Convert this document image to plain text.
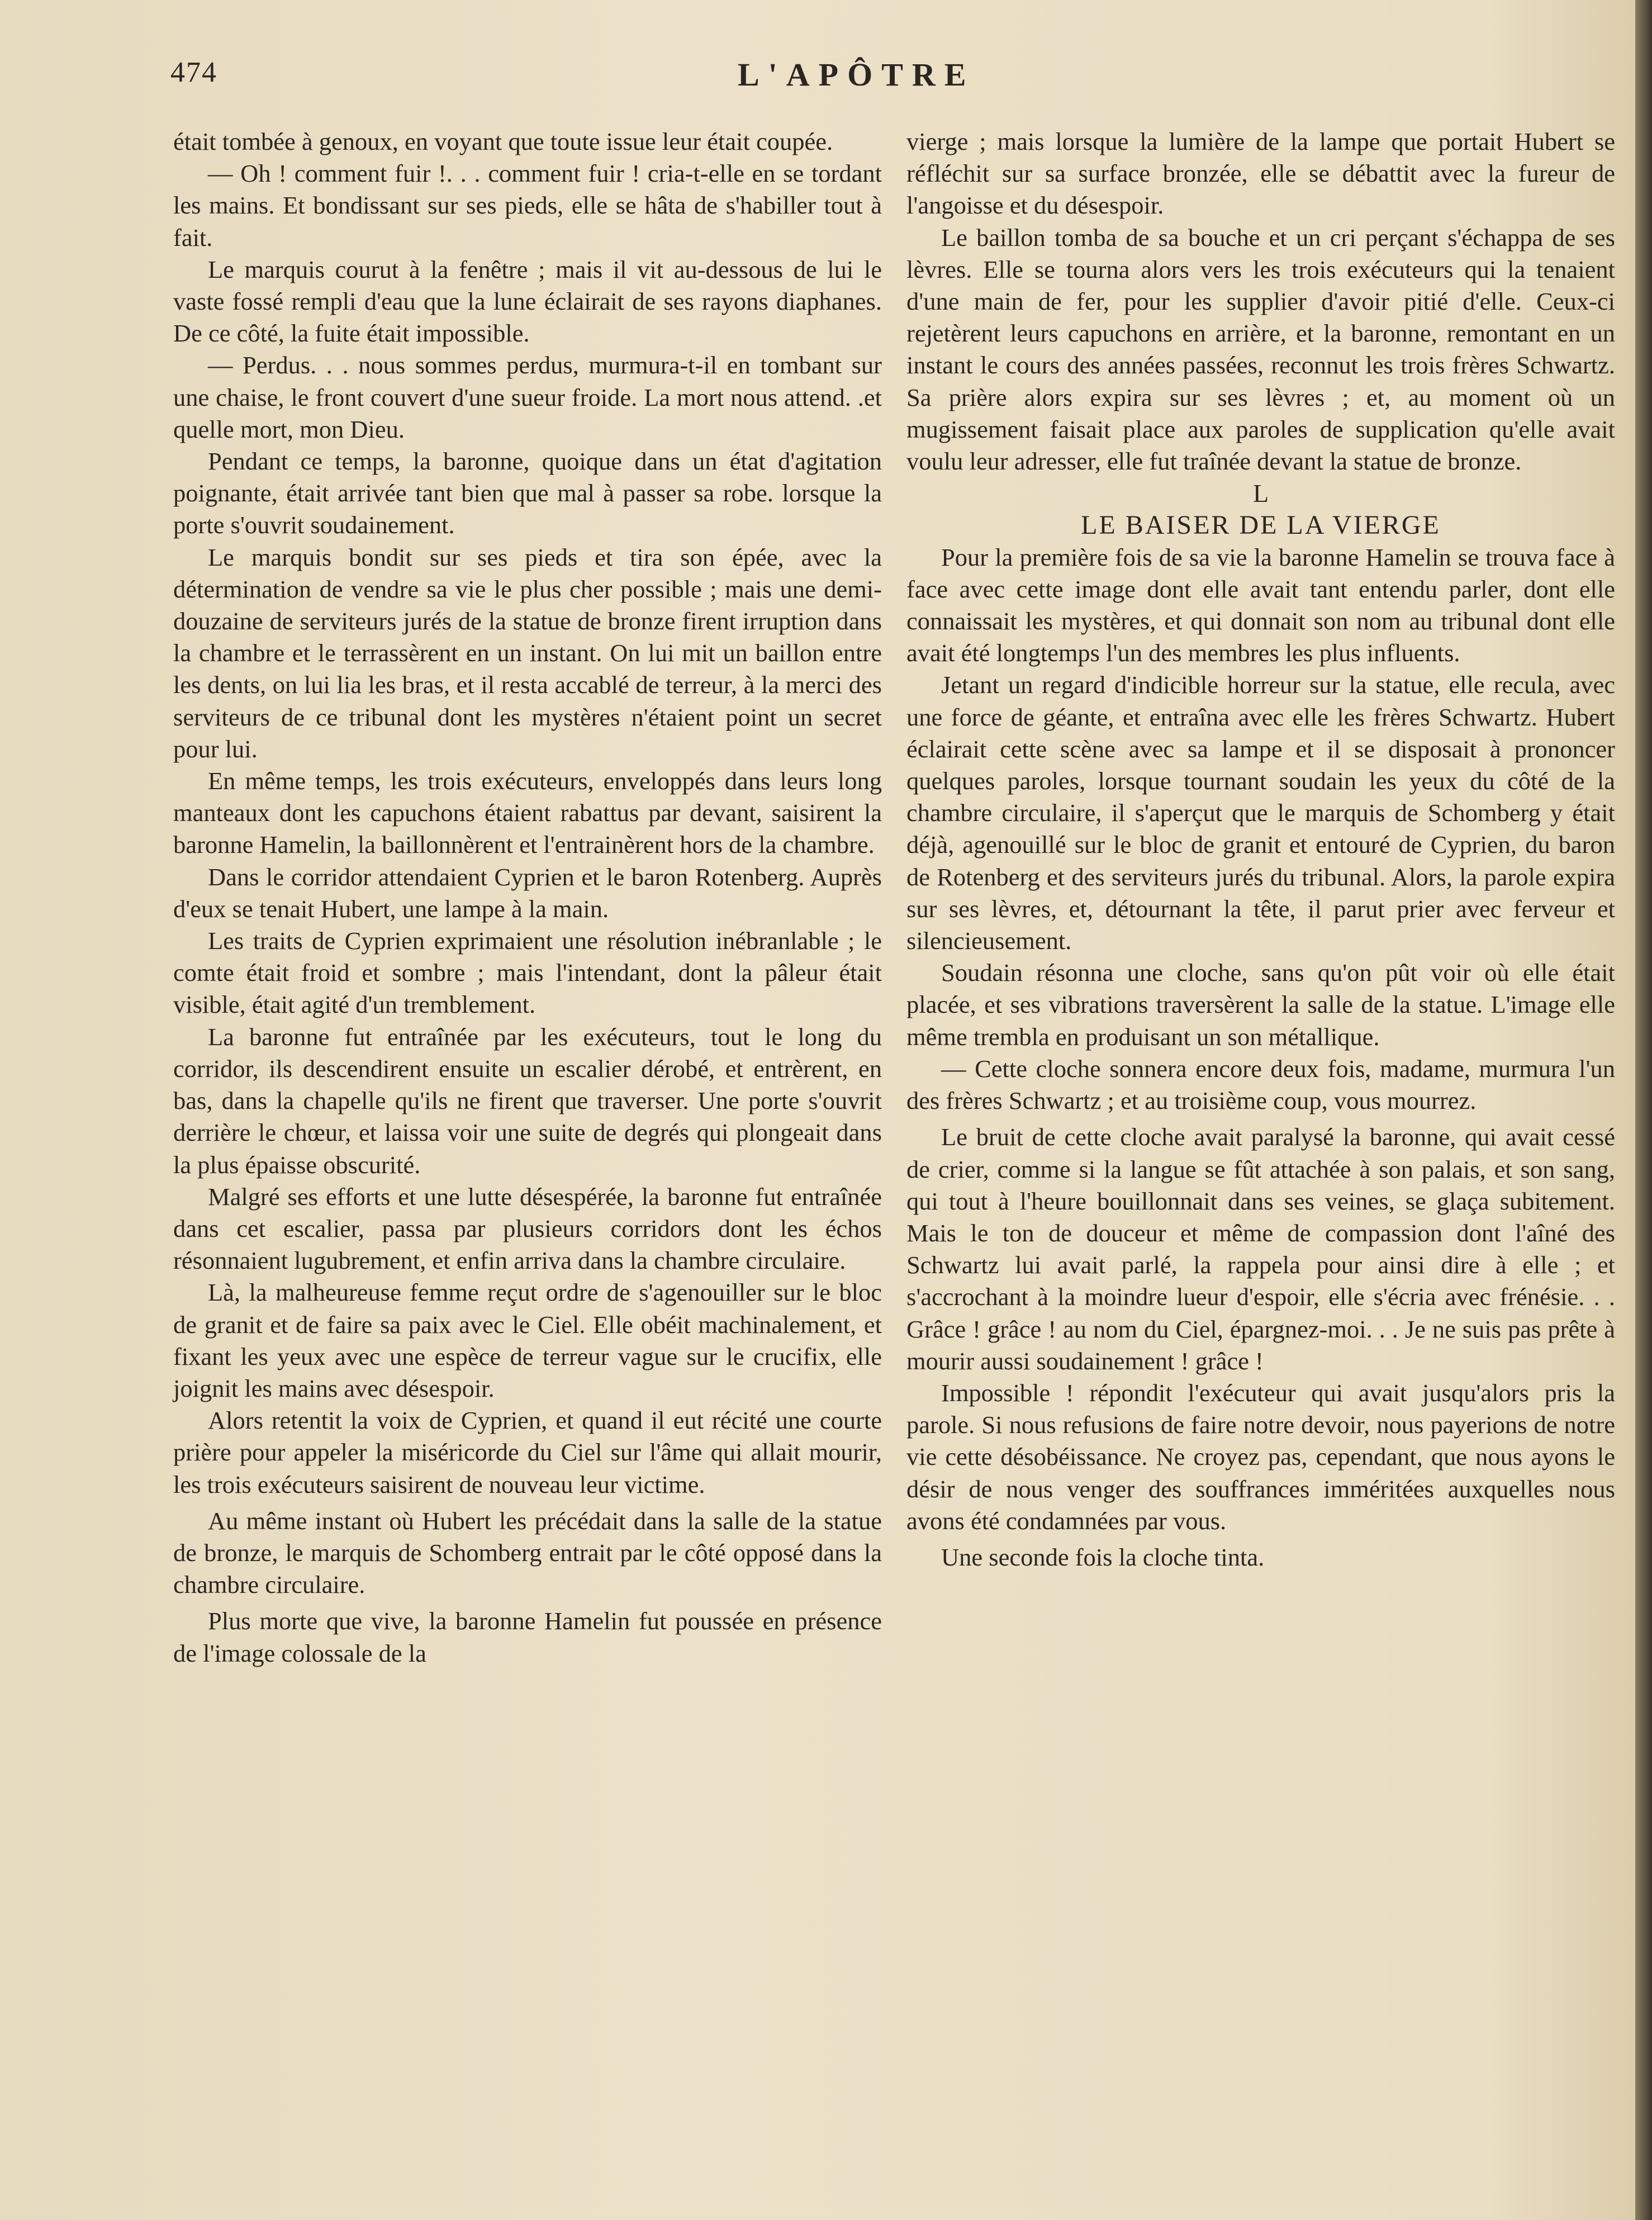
474	L'APÔTRE

était tombée à genoux, en voyant que toute issue leur était coupée.

— Oh ! comment fuir !. . . comment fuir ! cria-t-elle en se tordant les mains. Et bondissant sur ses pieds, elle se hâta de s'habiller tout à fait.

Le marquis courut à la fenêtre ; mais il vit au-dessous de lui le vaste fossé rempli d'eau que la lune éclairait de ses rayons diaphanes. De ce côté, la fuite était impossible.

— Perdus. . . nous sommes perdus, murmura-t-il en tombant sur une chaise, le front couvert d'une sueur froide. La mort nous attend. .et quelle mort, mon Dieu.

Pendant ce temps, la baronne, quoique dans un état d'agitation poignante, était arrivée tant bien que mal à passer sa robe. lorsque la porte s'ouvrit soudainement.

Le marquis bondit sur ses pieds et tira son épée, avec la détermination de vendre sa vie le plus cher possible ; mais une demi-douzaine de serviteurs jurés de la statue de bronze firent irruption dans la chambre et le terrassèrent en un instant. On lui mit un baillon entre les dents, on lui lia les bras, et il resta accablé de terreur, à la merci des serviteurs de ce tribunal dont les mystères n'étaient point un secret pour lui.

En même temps, les trois exécuteurs, enveloppés dans leurs long manteaux dont les capuchons étaient rabattus par devant, saisirent la baronne Hamelin, la baillonnèrent et l'entrainèrent hors de la chambre.

Dans le corridor attendaient Cyprien et le baron Rotenberg. Auprès d'eux se tenait Hubert, une lampe à la main.

Les traits de Cyprien exprimaient une résolution inébranlable ; le comte était froid et sombre ; mais l'intendant, dont la pâleur était visible, était agité d'un tremblement.

La baronne fut entraînée par les exécuteurs, tout le long du corridor, ils descendirent ensuite un escalier dérobé, et entrèrent, en bas, dans la chapelle qu'ils ne firent que traverser. Une porte s'ouvrit derrière le chœur, et laissa voir une suite de degrés qui plongeait dans la plus épaisse obscurité.

Malgré ses efforts et une lutte désespérée, la baronne fut entraînée dans cet escalier, passa par plusieurs corridors dont les échos résonnaient lugubrement, et enfin arriva dans la chambre circulaire.

Là, la malheureuse femme reçut ordre de s'agenouiller sur le bloc de granit et de faire sa paix avec le Ciel. Elle obéit machinalement, et fixant les yeux avec une espèce de terreur vague sur le crucifix, elle joignit les mains avec désespoir.

Alors retentit la voix de Cyprien, et quand il eut récité une courte prière pour appeler la miséricorde du Ciel sur l'âme qui allait mourir, les trois exécuteurs saisirent de nouveau leur victime.

Au même instant où Hubert les précédait dans la salle de la statue de bronze, le marquis de Schomberg entrait par le côté opposé dans la chambre circulaire.

Plus morte que vive, la baronne Hamelin fut poussée en présence de l'image colossale de la

vierge ; mais lorsque la lumière de la lampe que portait Hubert se réfléchit sur sa surface bronzée, elle se débattit avec la fureur de l'angoisse et du désespoir.

Le baillon tomba de sa bouche et un cri perçant s'échappa de ses lèvres. Elle se tourna alors vers les trois exécuteurs qui la tenaient d'une main de fer, pour les supplier d'avoir pitié d'elle. Ceux-ci rejetèrent leurs capuchons en arrière, et la baronne, remontant en un instant le cours des années passées, reconnut les trois frères Schwartz. Sa prière alors expira sur ses lèvres ; et, au moment où un mugissement faisait place aux paroles de supplication qu'elle avait voulu leur adresser, elle fut traînée devant la statue de bronze.

L

LE BAISER DE LA VIERGE

Pour la première fois de sa vie la baronne Hamelin se trouva face à face avec cette image dont elle avait tant entendu parler, dont elle connaissait les mystères, et qui donnait son nom au tribunal dont elle avait été longtemps l'un des membres les plus influents.

Jetant un regard d'indicible horreur sur la statue, elle recula, avec une force de géante, et entraîna avec elle les frères Schwartz. Hubert éclairait cette scène avec sa lampe et il se disposait à prononcer quelques paroles, lorsque tournant soudain les yeux du côté de la chambre circulaire, il s'aperçut que le marquis de Schomberg y était déjà, agenouillé sur le bloc de granit et entouré de Cyprien, du baron de Rotenberg et des serviteurs jurés du tribunal. Alors, la parole expira sur ses lèvres, et, détournant la tête, il parut prier avec ferveur et silencieusement.

Soudain résonna une cloche, sans qu'on pût voir où elle était placée, et ses vibrations traversèrent la salle de la statue. L'image elle même trembla en produisant un son métallique.

— Cette cloche sonnera encore deux fois, madame, murmura l'un des frères Schwartz ; et au troisième coup, vous mourrez.

Le bruit de cette cloche avait paralysé la baronne, qui avait cessé de crier, comme si la langue se fût attachée à son palais, et son sang, qui tout à l'heure bouillonnait dans ses veines, se glaça subitement. Mais le ton de douceur et même de compassion dont l'aîné des Schwartz lui avait parlé, la rappela pour ainsi dire à elle ; et s'accrochant à la moindre lueur d'espoir, elle s'écria avec frénésie. . . Grâce ! grâce ! au nom du Ciel, épargnez-moi. . . Je ne suis pas prête à mourir aussi soudainement ! grâce !

Impossible ! répondit l'exécuteur qui avait jusqu'alors pris la parole. Si nous refusions de faire notre devoir, nous payerions de notre vie cette désobéissance. Ne croyez pas, cependant, que nous ayons le désir de nous venger des souffrances imméritées auxquelles nous avons été condamnées par vous.

Une seconde fois la cloche tinta.
